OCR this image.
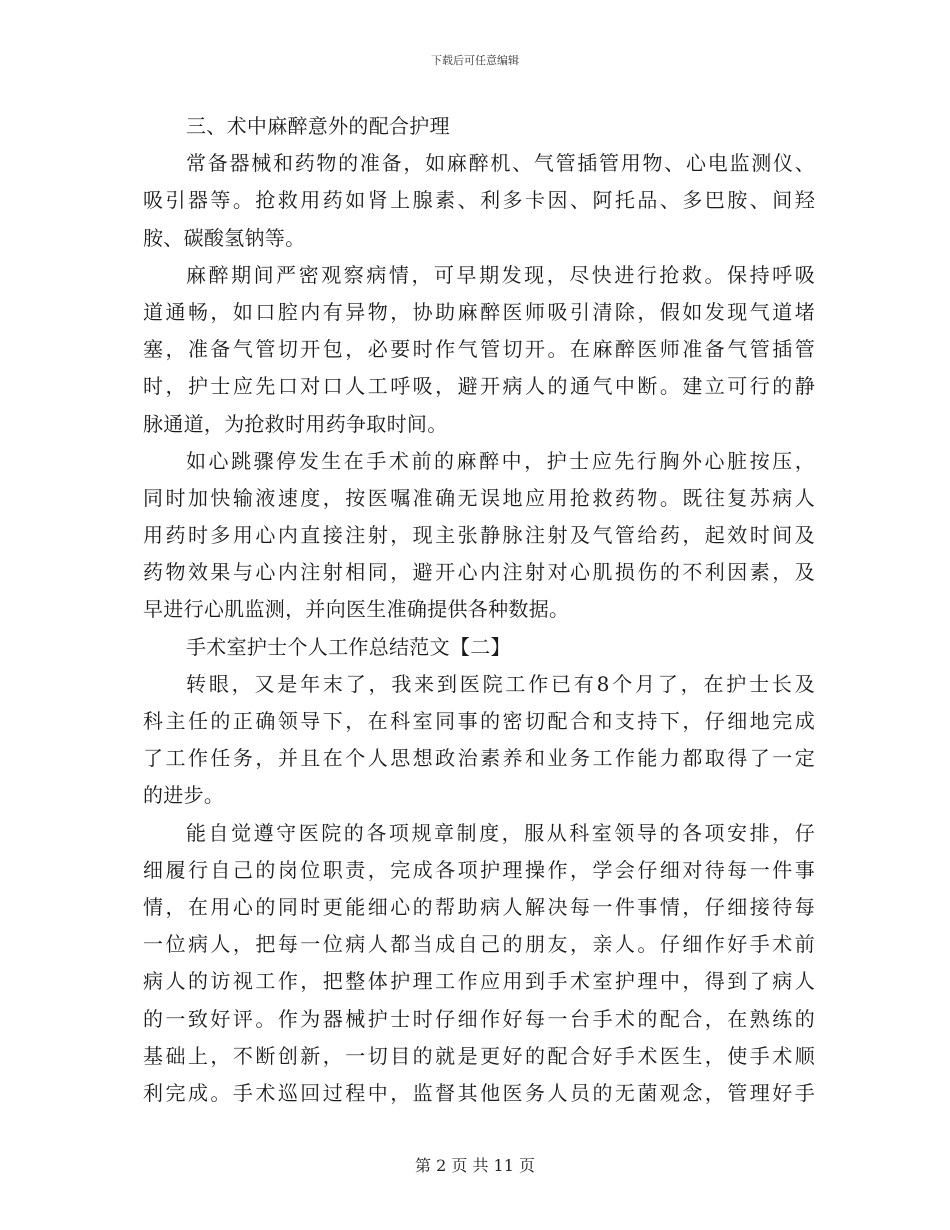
下载后可任意编辑
三、术中麻醉意外的配合护理
常备器械和药物的准备，如麻醉机、气管插管用物、心电监测仪、
吸引器等。抢救用药如肾上腺素、利多卡因、阿托品、多巴胺、间羟
胺、碳酸氢钠等。
麻醉期间严密观察病情，可早期发现，尽快进行抢救。保持呼吸
道通畅，如口腔内有异物，协助麻醉医师吸引清除，假如发现气道堵
塞，准备气管切开包，必要时作气管切开。在麻醉医师准备气管插管
时，护士应先口对口人工呼吸，避开病人的通气中断。建立可行的静
脉通道，为抢救时用药争取时间。
如心跳骤停发生在手术前的麻醉中，护士应先行胸外心脏按压，
同时加快输液速度，按医嘱准确无误地应用抢救药物。既往复苏病人
用药时多用心内直接注射，现主张静脉注射及气管给药，起效时间及
药物效果与心内注射相同，避开心内注射对心肌损伤的不利因素，及
早进行心肌监测，并向医生准确提供各种数据。
手术室护士个人工作总结范文【二】
转眼，又是年末了，我来到医院工作已有8个月了，在护士长及
科主任的正确领导下，在科室同事的密切配合和支持下，仔细地完成
了工作任务，并且在个人思想政治素养和业务工作能力都取得了一定
的进步。
能自觉遵守医院的各项规章制度，服从科室领导的各项安排，仔
细履行自己的岗位职责，完成各项护理操作，学会仔细对待每一件事
情，在用心的同时更能细心的帮助病人解决每一件事情，仔细接待每
一位病人，把每一位病人都当成自己的朋友，亲人。仔细作好手术前
病人的访视工作，把整体护理工作应用到手术室护理中，得到了病人
的一致好评。作为器械护士时仔细作好每一台手术的配合，在熟练的
基础上，不断创新，一切目的就是更好的配合好手术医生，使手术顺
利完成。手术巡回过程中，监督其他医务人员的无菌观念，管理好手
第 2 页 共 11 页
